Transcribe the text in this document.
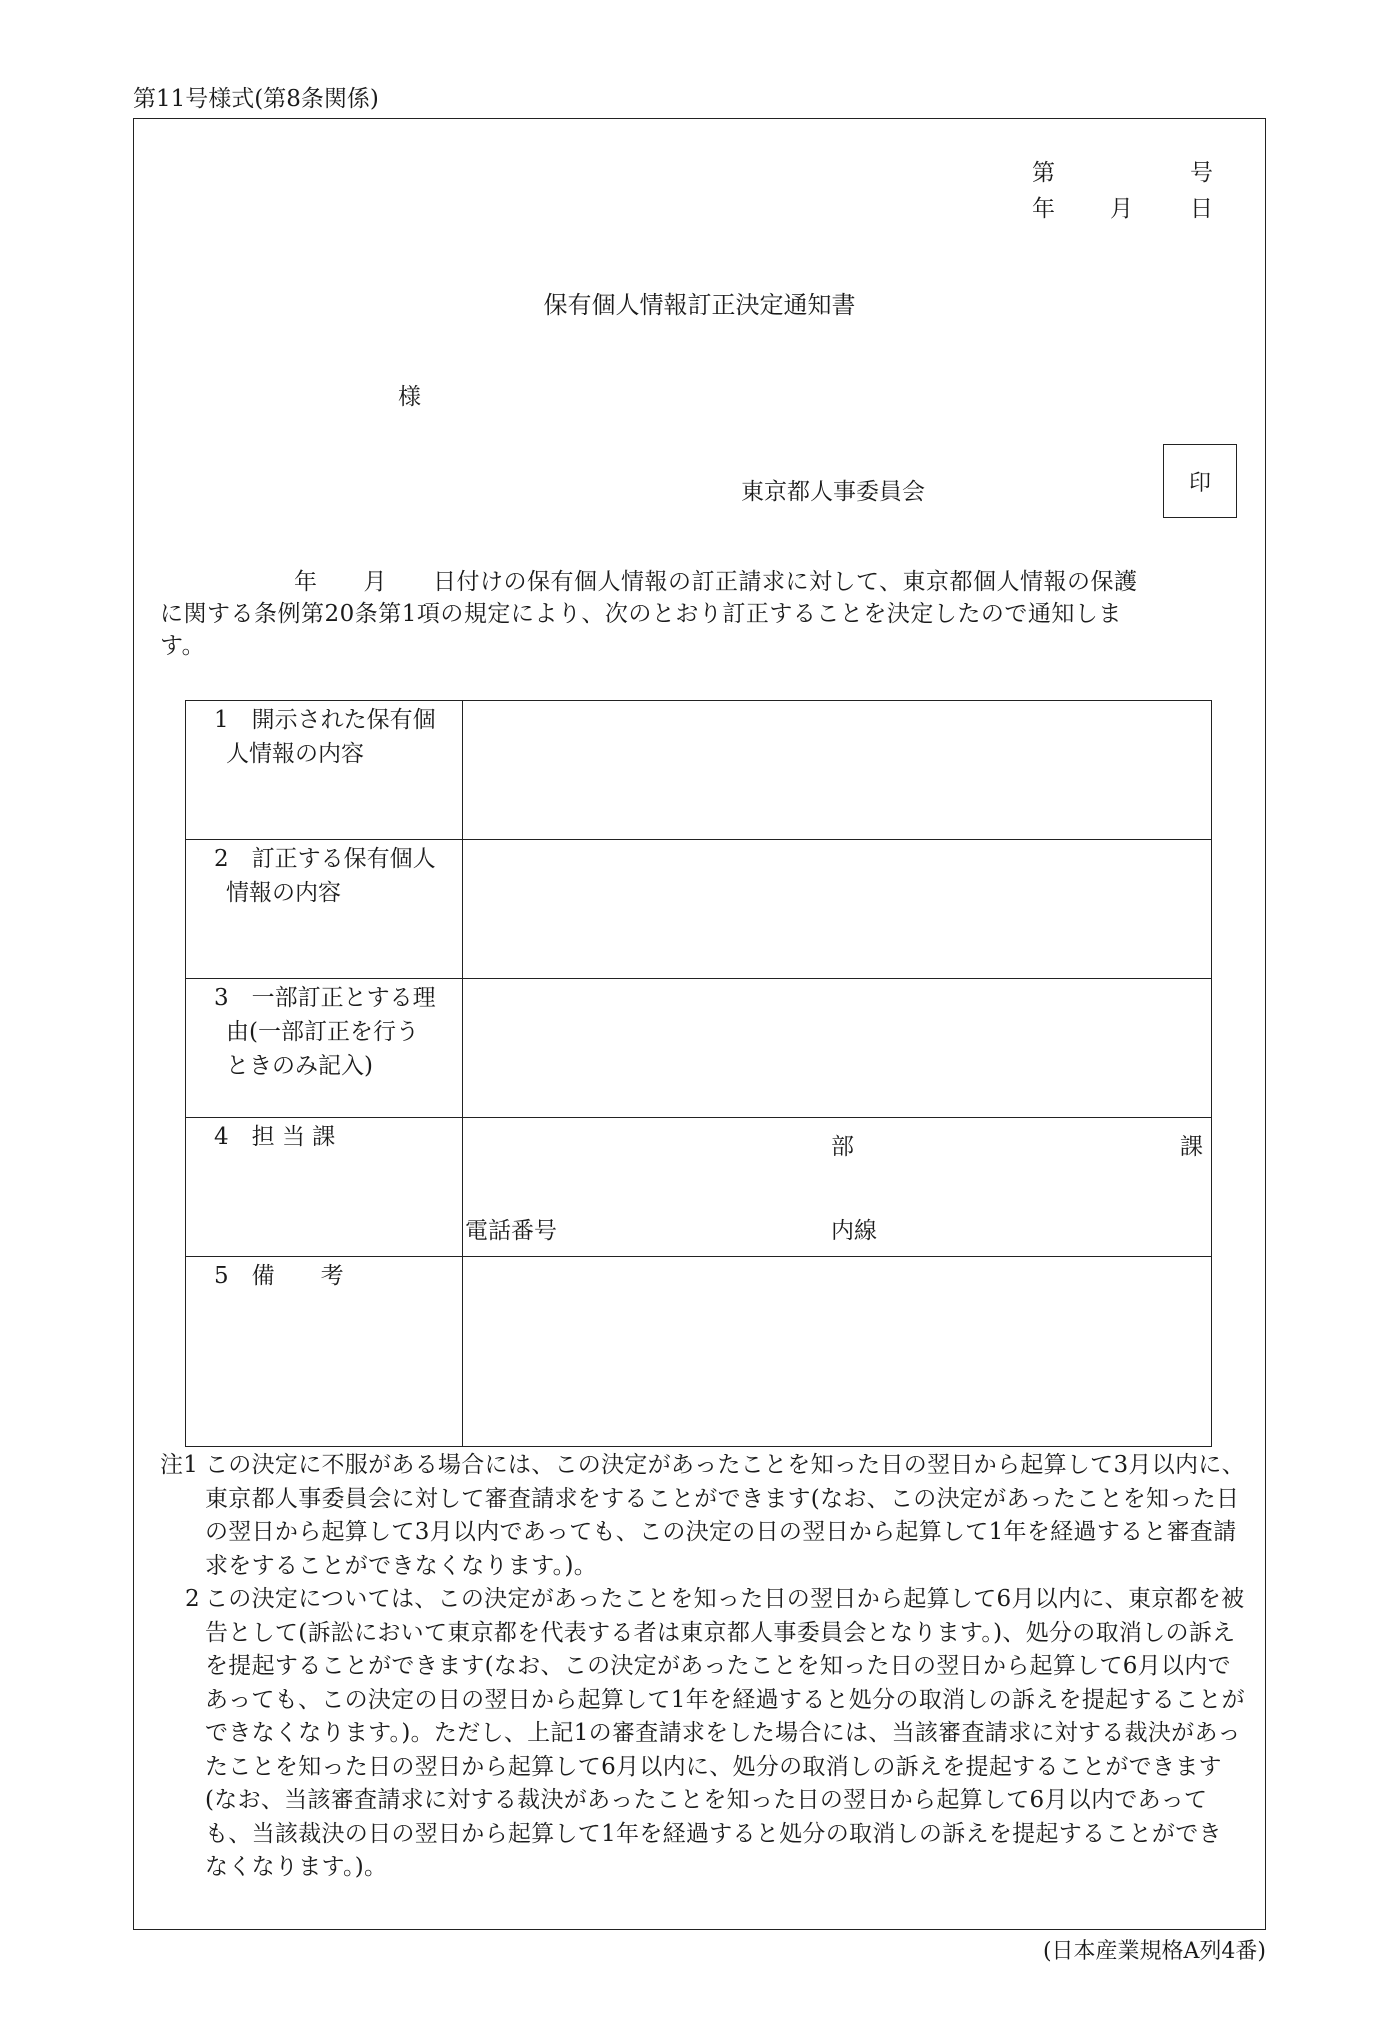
第11号様式(第8条関係)
第	号
年 月 日
保有個人情報訂正決定通知書
様
東京都人事委員会	印
年 月 日付けの保有個人情報の訂正請求に対して、東京都個人情報の保護
に関する条例第20条第1項の規定により、次のとおり訂正することを決定したので通知しま
す。
1　開示された保有個
人情報の内容	

2　訂正する保有個人
情報の内容	

3　一部訂正とする理
由(一部訂正を行う
ときのみ記入)	

4　担 当 課	部 課
電話番号 内線

5　備　　考	
注1 この決定に不服がある場合には、この決定があったことを知った日の翌日から起算して3月以内に、東京都人事委員会に対して審査請求をすることができます(なお、この決定があったことを知った日の翌日から起算して3月以内であっても、この決定の日の翌日から起算して1年を経過すると審査請求をすることができなくなります。)。
2 この決定については、この決定があったことを知った日の翌日から起算して6月以内に、東京都を被告として(訴訟において東京都を代表する者は東京都人事委員会となります。)、処分の取消しの訴えを提起することができます(なお、この決定があったことを知った日の翌日から起算して6月以内であっても、この決定の日の翌日から起算して1年を経過すると処分の取消しの訴えを提起することができなくなります。)。ただし、上記1の審査請求をした場合には、当該審査請求に対する裁決があったことを知った日の翌日から起算して6月以内に、処分の取消しの訴えを提起することができます(なお、当該審査請求に対する裁決があったことを知った日の翌日から起算して6月以内であっても、当該裁決の日の翌日から起算して1年を経過すると処分の取消しの訴えを提起することができなくなります。)。
(日本産業規格A列4番)
